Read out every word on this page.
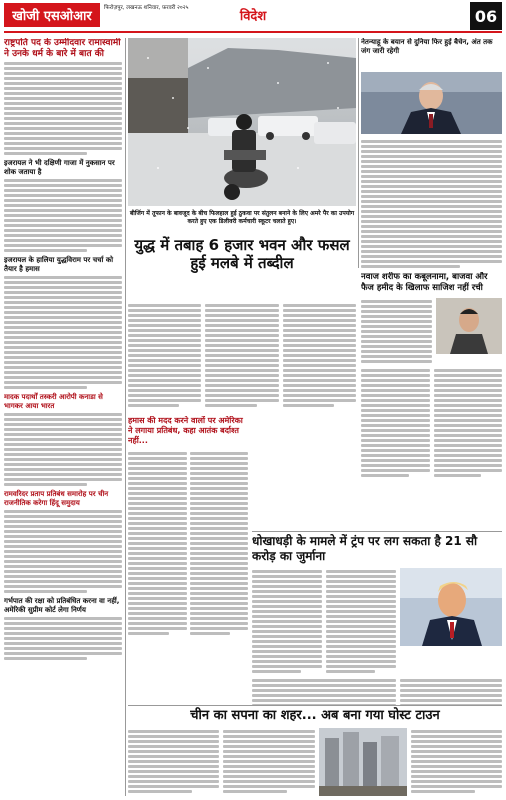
खोजी एसओआर
फिरोज़पुर, लखनऊ शनिवार, फ़रवरी २०२५
विदेश	06
राष्ट्रपति पद के उम्मीदवार रामास्वामी ने उनके धर्म के बारे में बात की
इजरायल ने भी दक्षिणी गाजा में नुकसान पर शोक जताया है
इजरायल के हालिया युद्धविराम पर चर्चा को तैयार है हमास
मादक पदार्थों तस्करी आरोपी कनाडा से भागकर आया भारत
रामवरिदर प्रताप प्रतिबंध समारोह पर चीन राजनीतिक करेगा हिंदू समुदाय
गर्भपात की रक्षा को प्रतिबंधित करना वा नहीं, अमेरिकी सुप्रीम कोर्ट लेगा निर्णय
बीजिंग में तूफान के बावजूद के बीच फिलहाल हुई ठुकवा पर संतुलन बनाने के लिए अमरे पैर का उपयोग करते हुए एक डिलीवरी कर्मचारी स्कूटर चलाते हुए।
नेतन्याहू के बयान से दुनिया फिर हुई बैचेन, अंत तक जंग जारी रहेगी
युद्ध में तबाह 6 हजार भवन और फसल हुई मलबे में तब्दील
नवाज शरीफ का कबूलनामा, बाजवा और फैज हमीद के खिलाफ साजिश नहीं रची
हमास की मदद करने वालों पर अमेरिका ने लगाया प्रतिबंध, कहा आतंक बर्दाश्त नहीं...
धोखाधड़ी के मामले में ट्रंप पर लग सकता है 21 सौ करोड़ का जुर्माना
चीन का सपना का शहर... अब बना गया घोस्ट टाउन
